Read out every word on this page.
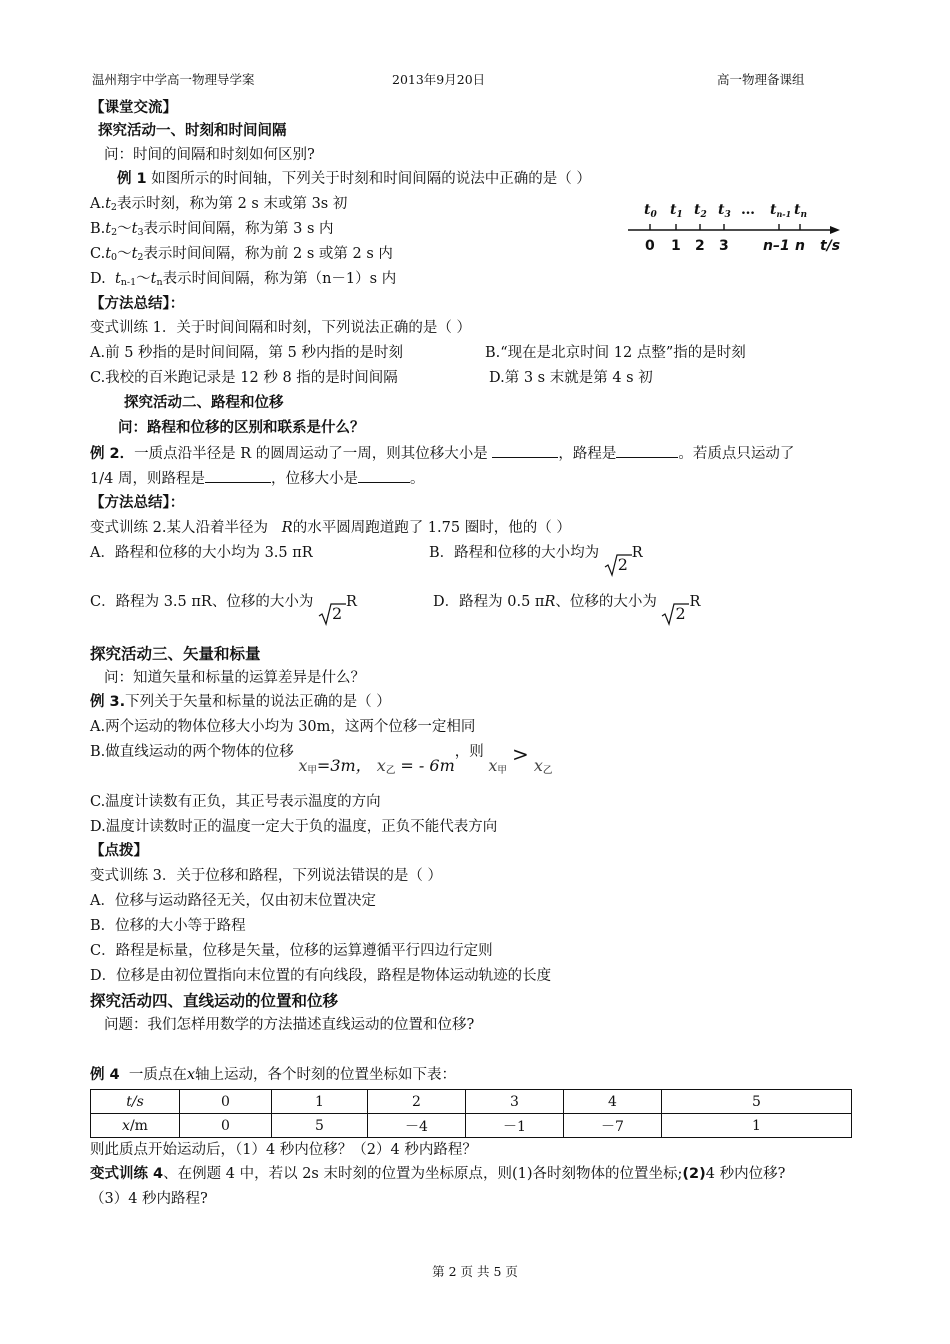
温州翔宇中学高一物理导学案	2013年9月20日	高一物理备课组
【课堂交流】
探究活动一、时刻和时间间隔
问：时间的间隔和时刻如何区别?
例 1 如图所示的时间轴，下列关于时刻和时间间隔的说法中正确的是（ ）
$A.t_2$表示时刻，称为第 2 s 末或第 3s 初
$B.t_2\sim t_3$表示时间间隔，称为第 3 s 内
$C.t_0\sim t_2$表示时间间隔，称为前 2 s 或第 2 s 内
D. $t_{n-1}\sim t_n$表示时间间隔，称为第（n－1）s 内
$t_0$ $t_1$ $t_2$ $t_3$ … $t_{n-1}$ $t_n$
0 1 2 3 n–1 n t/s
【方法总结】：
变式训练 1．关于时间间隔和时刻，下列说法正确的是（ ）
A.前 5 秒指的是时间间隔，第 5 秒内指的是时刻	B.“现在是北京时间 12 点整”指的是时刻
C.我校的百米跑记录是 12 秒 8 指的是时间间隔	D.第 3 s 末就是第 4 s 初
探究活动二、路程和位移
问：路程和位移的区别和联系是什么？
例 2．一质点沿半径是 R 的圆周运动了一周，则其位移大小是	，路程是	。若质点只运动了
1/4 周，则路程是	，位移大小是	。
【方法总结】：
变式训练 2.某人沿着半径为 R的水平圆周跑道跑了 1.75 圈时，他的（ ）
A．路程和位移的大小均为 3.5 πR	B．路程和位移的大小均为
2
R
C．路程为 3.5 πR、位移的大小为
2
R	D．路程为 0.5 πR、位移的大小为
2
R
探究活动三、矢量和标量
问：知道矢量和标量的运算差异是什么？
例 3.下列关于矢量和标量的说法正确的是（ ）
A.两个运动的物体位移大小均为 30m，这两个位移一定相同
B.做直线运动的两个物体的位移 $x_甲=3m$， $x_乙$ = - 6m，则 $x_甲 > x_乙$
C.温度计读数有正负，其正号表示温度的方向
D.温度计读数时正的温度一定大于负的温度，正负不能代表方向
【点拨】
变式训练 3．关于位移和路程，下列说法错误的是（ ）
A．位移与运动路径无关，仅由初末位置决定
B．位移的大小等于路程
C．路程是标量，位移是矢量，位移的运算遵循平行四边行定则
D．位移是由初位置指向末位置的有向线段，路程是物体运动轨迹的长度
探究活动四、直线运动的位置和位移
问题：我们怎样用数学的方法描述直线运动的位置和位移?
例 4 一质点在x轴上运动，各个时刻的位置坐标如下表：
t/s	0	1	2	3	4	5
x/m	0	5	－4	－1	－7	1
则此质点开始运动后，（1）4 秒内位移？（2）4 秒内路程？
变式训练 4、在例题 4 中，若以 2s 末时刻的位置为坐标原点，则(1)各时刻物体的位置坐标;(2)4 秒内位移?
（3）4 秒内路程?
第 2 页 共 5 页
